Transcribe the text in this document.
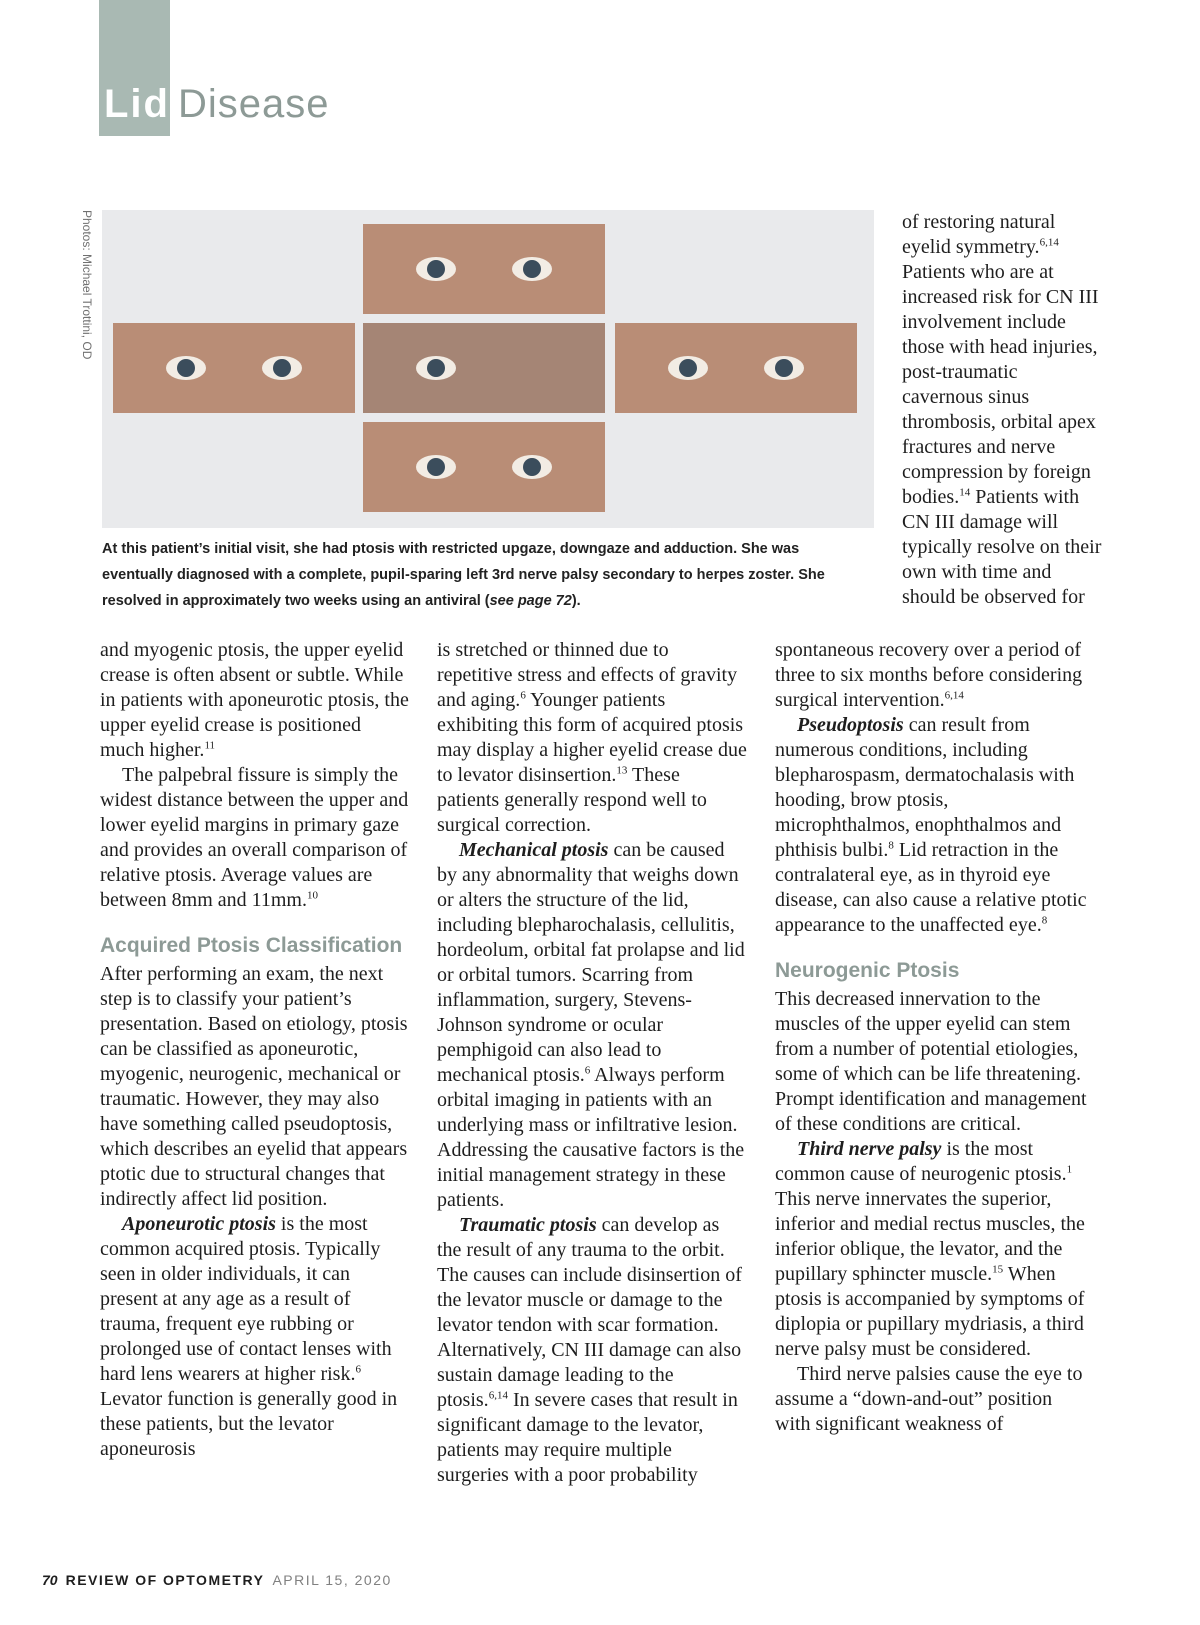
Lid Disease
Photos: Michael Trottini, OD
At this patient’s initial visit, she had ptosis with restricted upgaze, downgaze and adduction. She was eventually diagnosed with a complete, pupil-sparing left 3rd nerve palsy secondary to herpes zoster. She resolved in approximately two weeks using an antiviral (see page 72).

of restoring natural eyelid symmetry.$^{6,14}$ Patients who are at increased risk for CN III involvement include those with head injuries, post-traumatic cavernous sinus thrombosis, orbital apex fractures and nerve compression by foreign bodies.$^{14}$ Patients with CN III damage will typically resolve on their own with time and should be observed for

and myogenic ptosis, the upper eyelid crease is often absent or subtle. While in patients with aponeurotic ptosis, the upper eyelid crease is positioned much higher.$^{11}$

The palpebral fissure is simply the widest distance between the upper and lower eyelid margins in primary gaze and provides an overall comparison of relative ptosis. Average values are between 8mm and 11mm.$^{10}$

Acquired Ptosis Classification

After performing an exam, the next step is to classify your patient’s presentation. Based on etiology, ptosis can be classified as aponeurotic, myogenic, neurogenic, mechanical or traumatic. However, they may also have something called pseudoptosis, which describes an eyelid that appears ptotic due to structural changes that indirectly affect lid position.

Aponeurotic ptosis is the most common acquired ptosis. Typically seen in older individuals, it can present at any age as a result of trauma, frequent eye rubbing or prolonged use of contact lenses with hard lens wearers at higher risk.$^6$ Levator function is generally good in these patients, but the levator aponeurosis

is stretched or thinned due to repetitive stress and effects of gravity and aging.$^6$ Younger patients exhibiting this form of acquired ptosis may display a higher eyelid crease due to levator disinsertion.$^{13}$ These patients generally respond well to surgical correction.

Mechanical ptosis can be caused by any abnormality that weighs down or alters the structure of the lid, including blepharochalasis, cellulitis, hordeolum, orbital fat prolapse and lid or orbital tumors. Scarring from inflammation, surgery, Stevens-Johnson syndrome or ocular pemphigoid can also lead to mechanical ptosis.$^6$ Always perform orbital imaging in patients with an underlying mass or infiltrative lesion. Addressing the causative factors is the initial management strategy in these patients.

Traumatic ptosis can develop as the result of any trauma to the orbit. The causes can include disinsertion of the levator muscle or damage to the levator tendon with scar formation. Alternatively, CN III damage can also sustain damage leading to the ptosis.$^{6,14}$ In severe cases that result in significant damage to the levator, patients may require multiple surgeries with a poor probability

spontaneous recovery over a period of three to six months before considering surgical intervention.$^{6,14}$

Pseudoptosis can result from numerous conditions, including blepharospasm, dermatochalasis with hooding, brow ptosis, microphthalmos, enophthalmos and phthisis bulbi.$^8$ Lid retraction in the contralateral eye, as in thyroid eye disease, can also cause a relative ptotic appearance to the unaffected eye.$^8$

Neurogenic Ptosis

This decreased innervation to the muscles of the upper eyelid can stem from a number of potential etiologies, some of which can be life threatening. Prompt identification and management of these conditions are critical.

Third nerve palsy is the most common cause of neurogenic ptosis.$^1$ This nerve innervates the superior, inferior and medial rectus muscles, the inferior oblique, the levator, and the pupillary sphincter muscle.$^{15}$ When ptosis is accompanied by symptoms of diplopia or pupillary mydriasis, a third nerve palsy must be considered.

Third nerve palsies cause the eye to assume a “down-and-out” position with significant weakness of

70 REVIEW OF OPTOMETRY APRIL 15, 2020
